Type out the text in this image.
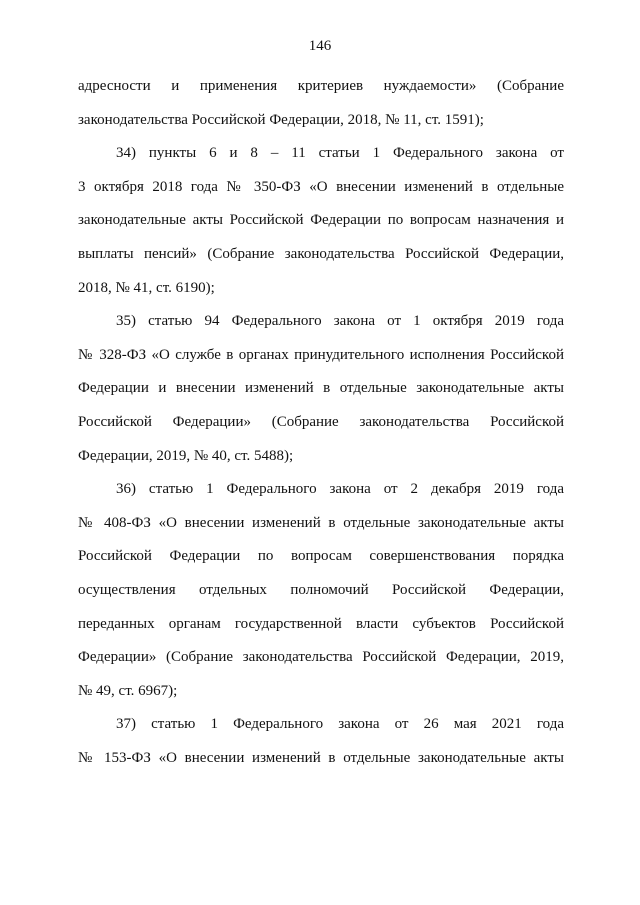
146

адресности и применения критериев нуждаемости» (Собрание
законодательства Российской Федерации, 2018, № 11, ст. 1591);

34) пункты 6 и 8 – 11 статьи 1 Федерального закона от
3 октября 2018 года № 350-ФЗ «О внесении изменений в отдельные
законодательные акты Российской Федерации по вопросам назначения и
выплаты пенсий» (Собрание законодательства Российской Федерации,
2018, № 41, ст. 6190);

35) статью 94 Федерального закона от 1 октября 2019 года
№ 328-ФЗ «О службе в органах принудительного исполнения Российской
Федерации и внесении изменений в отдельные законодательные акты
Российской Федерации» (Собрание законодательства Российской
Федерации, 2019, № 40, ст. 5488);

36) статью 1 Федерального закона от 2 декабря 2019 года
№ 408-ФЗ «О внесении изменений в отдельные законодательные акты
Российской Федерации по вопросам совершенствования порядка
осуществления отдельных полномочий Российской Федерации,
переданных органам государственной власти субъектов Российской
Федерации» (Собрание законодательства Российской Федерации, 2019,
№ 49, ст. 6967);

37) статью 1 Федерального закона от 26 мая 2021 года
№ 153-ФЗ «О внесении изменений в отдельные законодательные акты
